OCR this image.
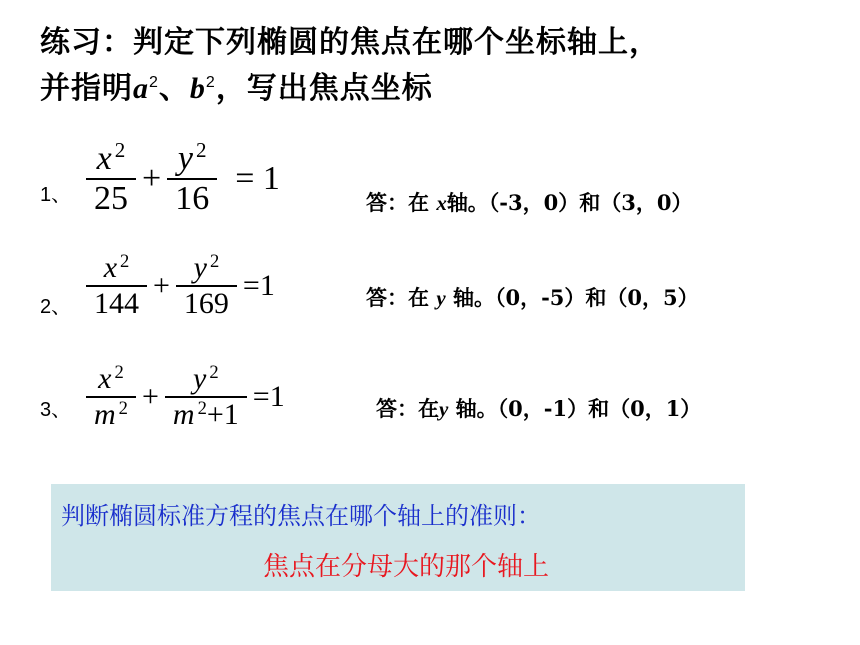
练习：判定下列椭圆的焦点在哪个坐标轴上，
并指明$a^2$、$b^2$，写出焦点坐标
1、 $\frac{x ^2}{25} + \frac{y ^2}{16} = 1$
答：在 x轴。（-3，0）和（3，0）
2、 $\frac{x ^2}{144} + \frac{y ^2}{169} =1$	答：在 y 轴。（0，-5）和（0，5）
3、 $\frac{x ^2}{m ^2} + \frac{y ^2}{m ^2+1} =1$	答：在y 轴。（0，-1）和（0，1）
判断椭圆标准方程的焦点在哪个轴上的准则：
焦点在分母大的那个轴上
